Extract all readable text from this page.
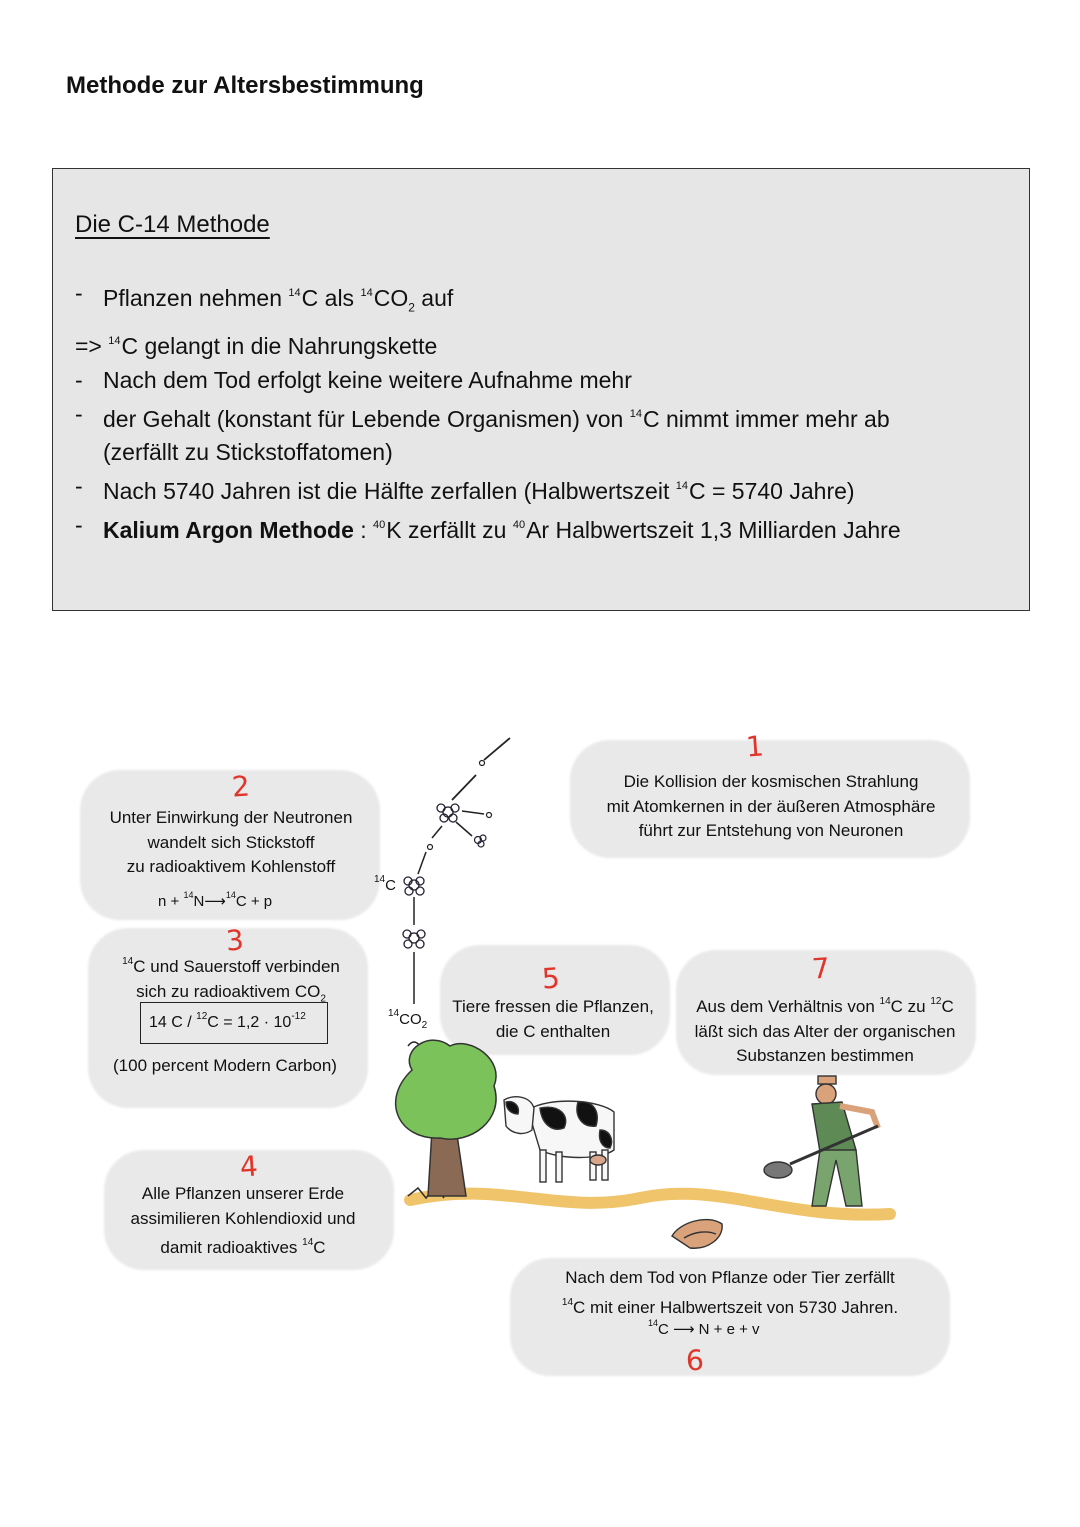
Methode zur Altersbestimmung
Die C-14 Methode
- Pflanzen nehmen $^{14}$C als $^{14}CO_2$ auf
=> $^{14}$C gelangt in die Nahrungskette
- Nach dem Tod erfolgt keine weitere Aufnahme mehr
- der Gehalt (konstant für Lebende Organismen) von $^{14}$C nimmt immer mehr ab
(zerfällt zu Stickstoffatomen)
- Nach 5740 Jahren ist die Hälfte zerfallen (Halbwertszeit $^{14}$C = 5740 Jahre)
- Kalium Argon Methode : $^{40}$K zerfällt zu $^{40}$Ar Halbwertszeit 1,3 Milliarden Jahre
2
3
4
1
5	7
6
Unter Einwirkung der Neutronen
wandelt sich Stickstoff
zu radioaktivem Kohlenstoff
n + $^{14}$N⟶$^{14}$C + p
$^{14}$C und Sauerstoff verbinden
sich zu radioaktivem $CO_2$
14 $C / ^{12}C = 1,2 \cdot 10^{-12}$
(100 percent Modern Carbon)
Alle Pflanzen unserer Erde
assimilieren Kohlendioxid und
damit radioaktives $^{14}$C
$^{14}$C
$^{14}CO_2$
Die Kollision der kosmischen Strahlung
mit Atomkernen in der äußeren Atmosphäre
führt zur Entstehung von Neuronen
Tiere fressen die Pflanzen,
die C enthalten
Aus dem Verhältnis von $^{14}$C zu $^{12}$C
läßt sich das Alter der organischen
Substanzen bestimmen
Nach dem Tod von Pflanze oder Tier zerfällt
$^{14}$C mit einer Halbwertszeit von 5730 Jahren.
$^{14}$C ⟶ N + e + v
